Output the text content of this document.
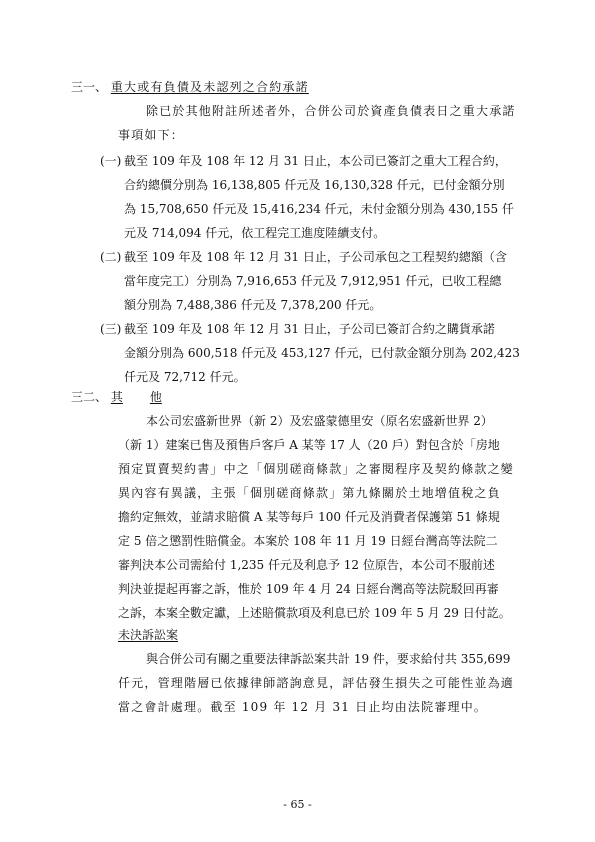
三一、 重大或有負債及未認列之合約承諾
除已於其他附註所述者外，合併公司於資產負債表日之重大承諾
事項如下：
(一) 截至 109 年及 108 年 12 月 31 日止，本公司已簽訂之重大工程合約，
合約總價分別為 16,138,805 仟元及 16,130,328 仟元，已付金額分別
為 15,708,650 仟元及 15,416,234 仟元，未付金額分別為 430,155 仟
元及 714,094 仟元，依工程完工進度陸續支付。
(二) 截至 109 年及 108 年 12 月 31 日止，子公司承包之工程契約總額（含
當年度完工）分別為 7,916,653 仟元及 7,912,951 仟元，已收工程總
額分別為 7,488,386 仟元及 7,378,200 仟元。
(三) 截至 109 年及 108 年 12 月 31 日止，子公司已簽訂合約之購貨承諾
金額分別為 600,518 仟元及 453,127 仟元，已付款金額分別為 202,423
仟元及 72,712 仟元。
三二、 其 他
本公司宏盛新世界（新 2）及宏盛蒙德里安（原名宏盛新世界 2）
（新 1）建案已售及預售戶客戶 A 某等 17 人（20 戶）對包含於「房地
預定買賣契約書」中之「個別磋商條款」之審閱程序及契約條款之變
異內容有異議，主張「個別磋商條款」第九條關於土地增值稅之負
擔約定無效，並請求賠償 A 某等每戶 100 仟元及消費者保護第 51 條規
定 5 倍之懲罰性賠償金。本案於 108 年 11 月 19 日經台灣高等法院二
審判決本公司需給付 1,235 仟元及利息予 12 位原告，本公司不服前述
判決並提起再審之訴，惟於 109 年 4 月 24 日經台灣高等法院駁回再審
之訴，本案全數定讞，上述賠償款項及利息已於 109 年 5 月 29 日付訖。
未決訴訟案
與合併公司有關之重要法律訴訟案共計 19 件，要求給付共 355,699
仟元，管理階層已依據律師諮詢意見，評估發生損失之可能性並為適
當之會計處理。截至 109 年 12 月 31 日止均由法院審理中。
- 65 -
